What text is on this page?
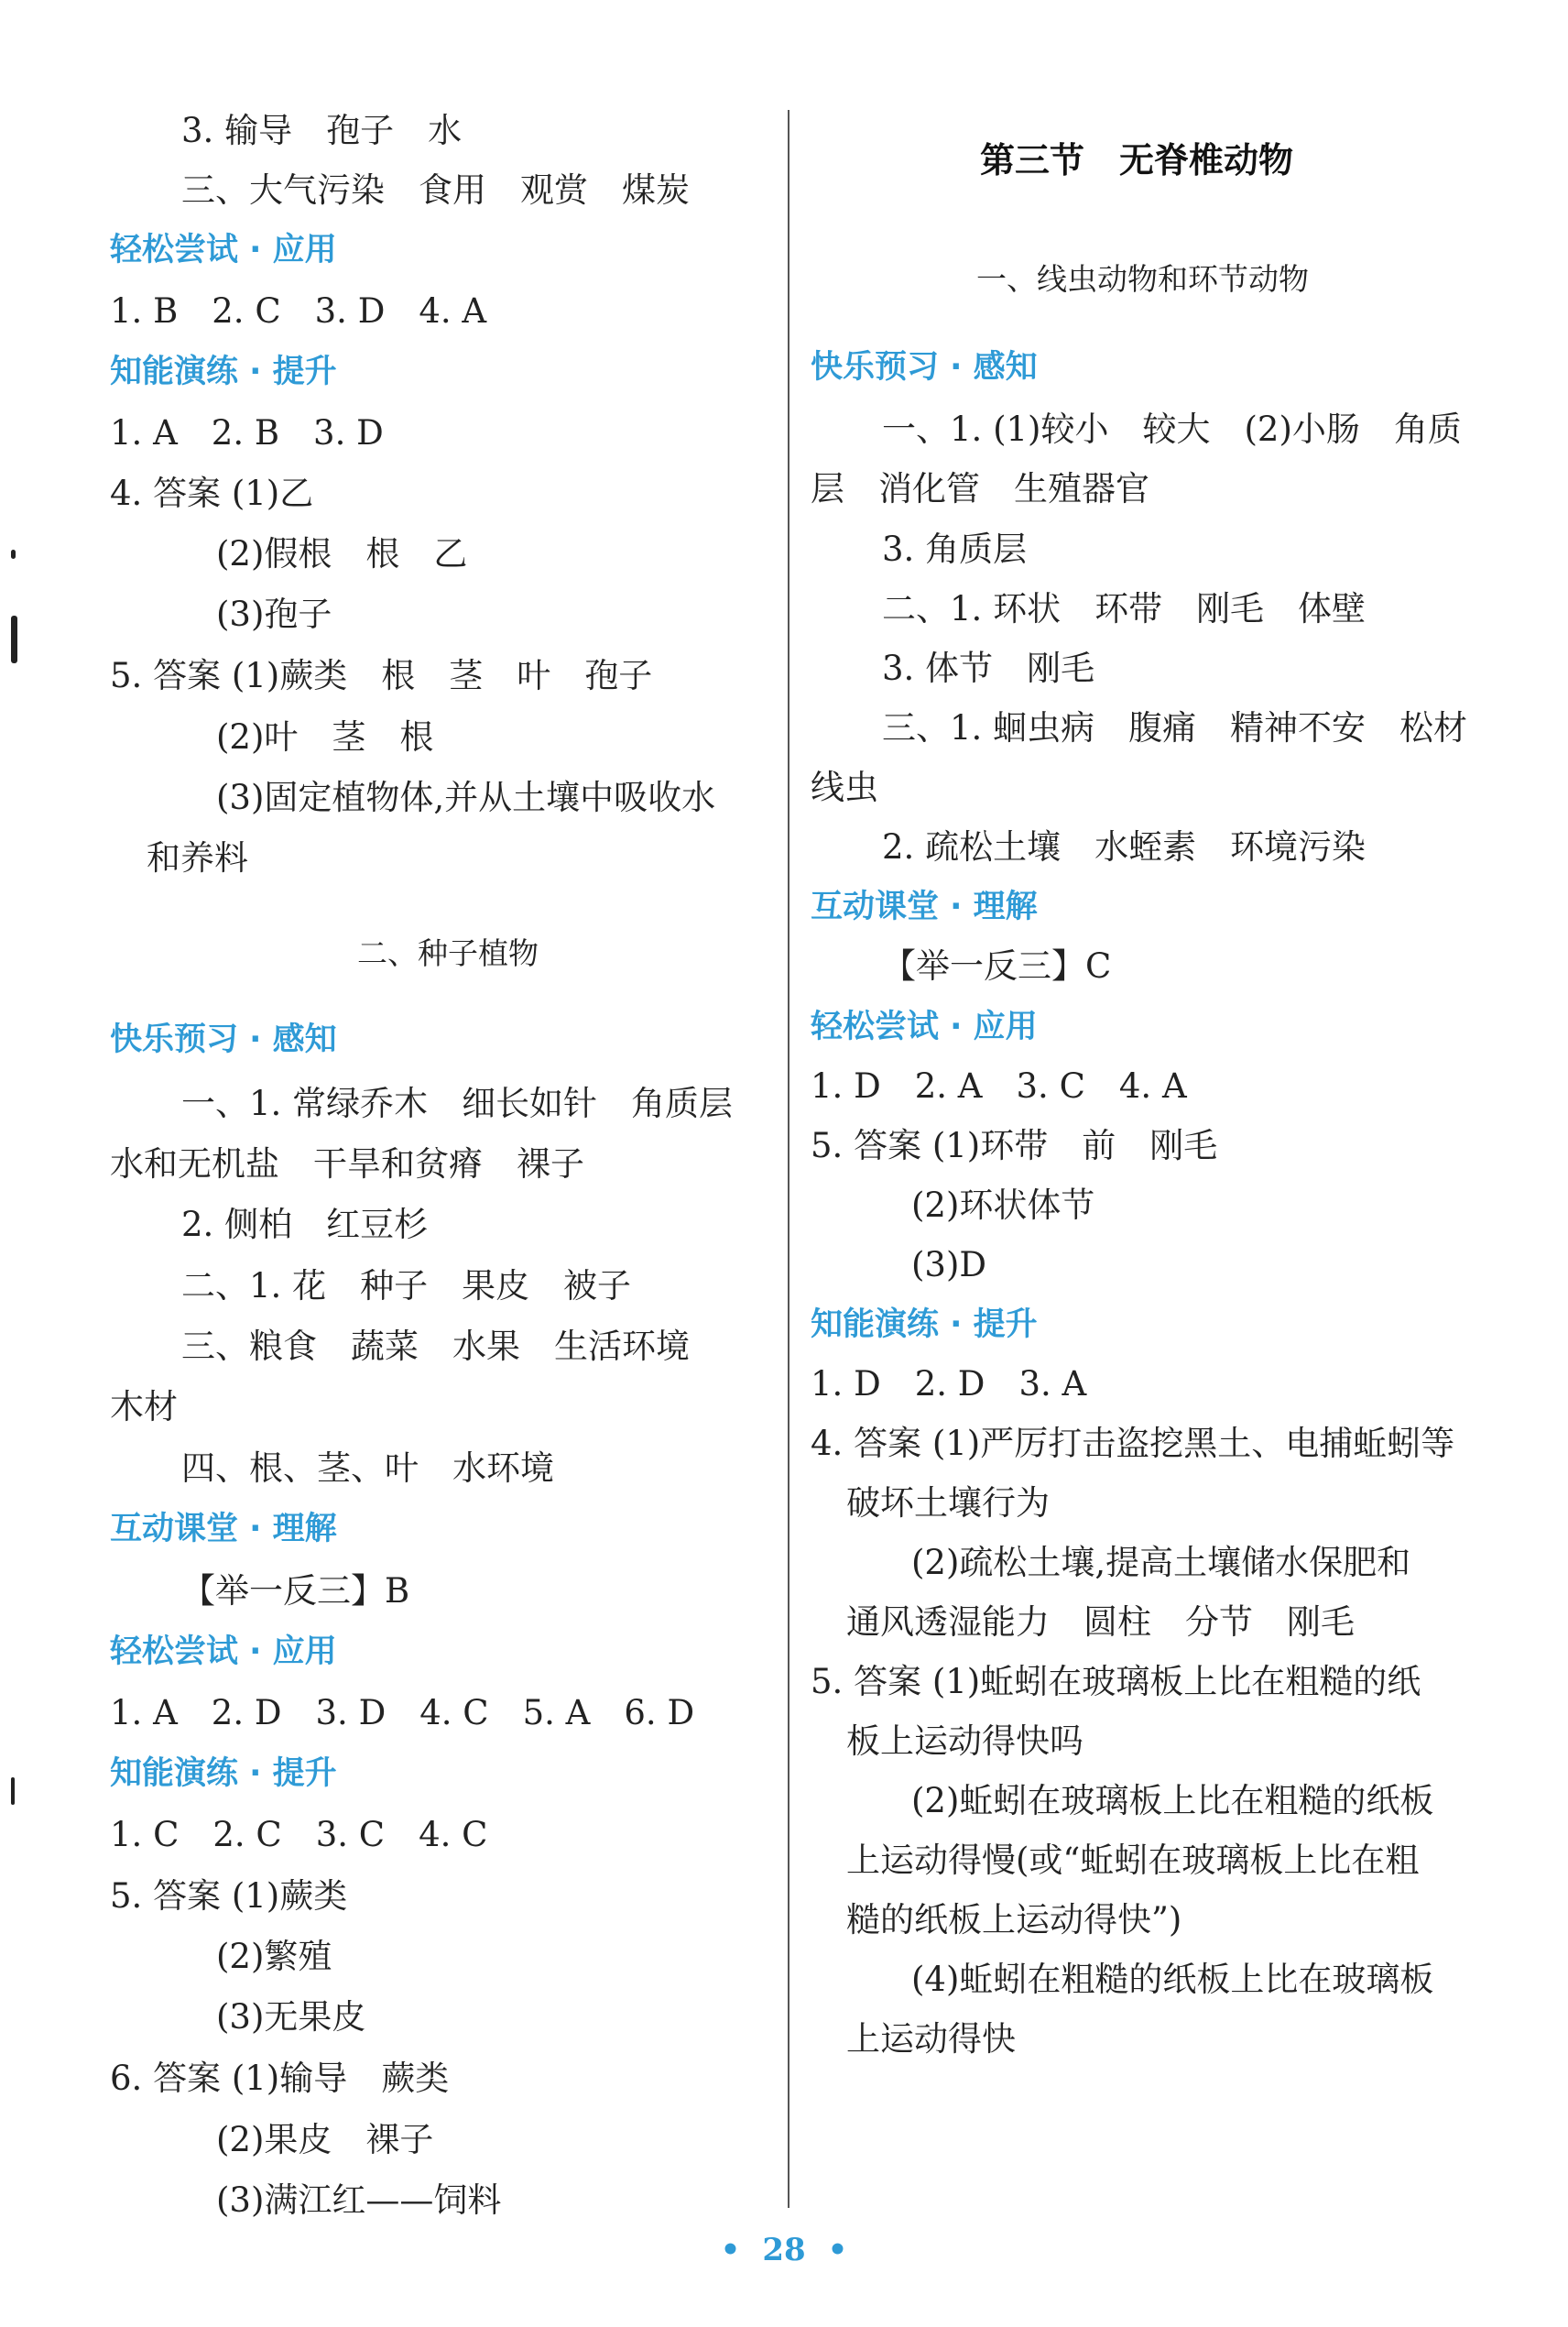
3. 输导　孢子　水
三、大气污染　食用　观赏　煤炭
轻松尝试 · 应用
1. B　2. C　3. D　4. A
知能演练 · 提升
1. A　2. B　3. D
4. 答案 (1)乙
(2)假根　根　乙
(3)孢子
5. 答案 (1)蕨类　根　茎　叶　孢子
(2)叶　茎　根
(3)固定植物体,并从土壤中吸收水
和养料
二、种子植物
快乐预习 · 感知
一、1. 常绿乔木　细长如针　角质层
水和无机盐　干旱和贫瘠　裸子
2. 侧柏　红豆杉
二、1. 花　种子　果皮　被子
三、粮食　蔬菜　水果　生活环境
木材
四、根、茎、叶　水环境
互动课堂 · 理解
【举一反三】B
轻松尝试 · 应用
1. A　2. D　3. D　4. C　5. A　6. D
知能演练 · 提升
1. C　2. C　3. C　4. C
5. 答案 (1)蕨类
(2)繁殖
(3)无果皮
6. 答案 (1)输导　蕨类
(2)果皮　裸子
(3)满江红——饲料
第三节　无脊椎动物
一、线虫动物和环节动物
快乐预习 · 感知
一、1. (1)较小　较大　(2)小肠　角质
层　消化管　生殖器官
3. 角质层
二、1. 环状　环带　刚毛　体壁
3. 体节　刚毛
三、1. 蛔虫病　腹痛　精神不安　松材
线虫
2. 疏松土壤　水蛭素　环境污染
互动课堂 · 理解
【举一反三】C
轻松尝试 · 应用
1. D　2. A　3. C　4. A
5. 答案 (1)环带　前　刚毛
(2)环状体节
(3)D
知能演练 · 提升
1. D　2. D　3. A
4. 答案 (1)严厉打击盗挖黑土、电捕蚯蚓等
破坏土壤行为
(2)疏松土壤,提高土壤储水保肥和
通风透湿能力　圆柱　分节　刚毛
5. 答案 (1)蚯蚓在玻璃板上比在粗糙的纸
板上运动得快吗
(2)蚯蚓在玻璃板上比在粗糙的纸板
上运动得慢(或“蚯蚓在玻璃板上比在粗
糙的纸板上运动得快”)
(4)蚯蚓在粗糙的纸板上比在玻璃板
上运动得快
• 28 •
